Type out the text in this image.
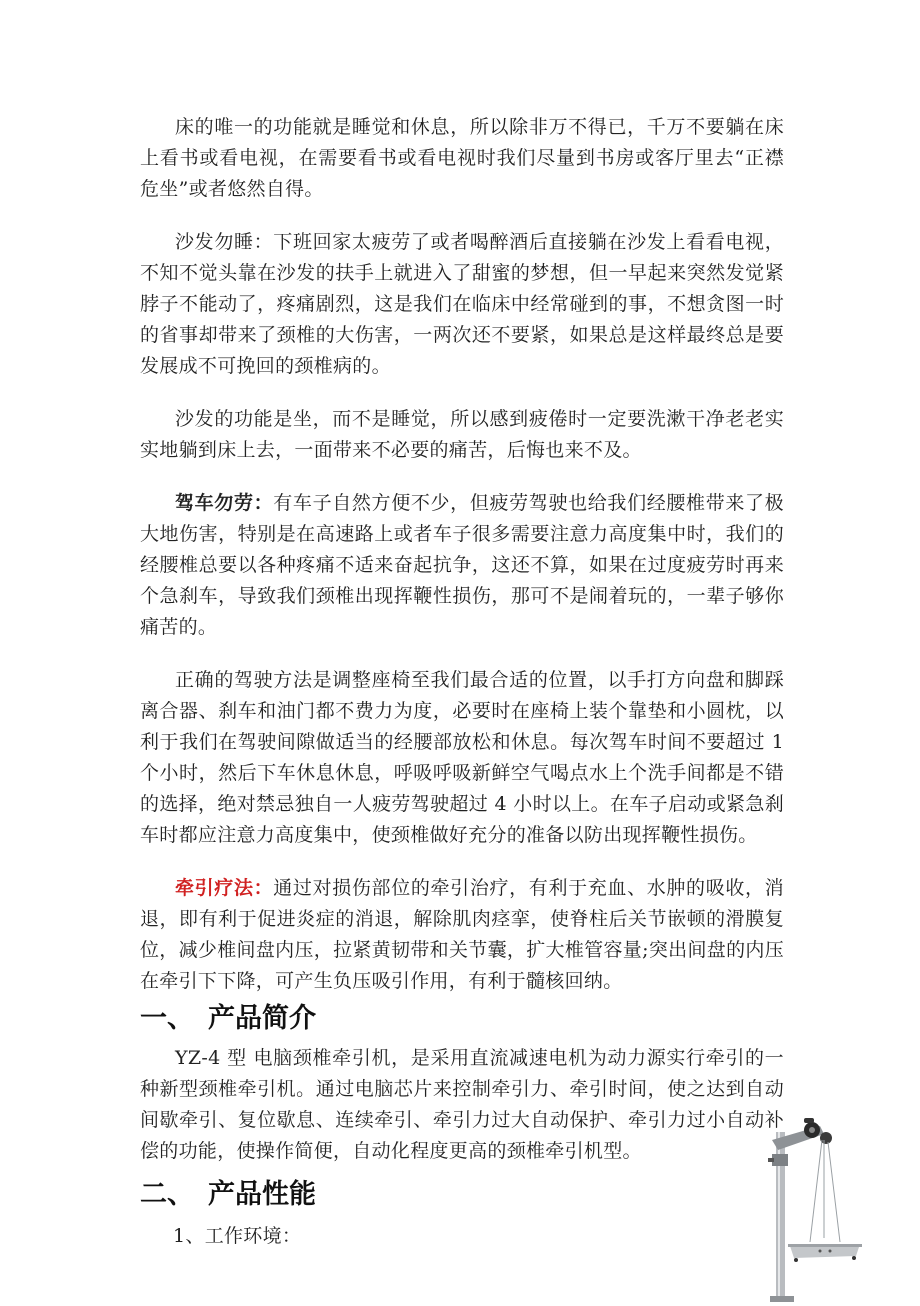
床的唯一的功能就是睡觉和休息，所以除非万不得已，千万不要躺在床上看书或看电视，在需要看书或看电视时我们尽量到书房或客厅里去“正襟危坐”或者悠然自得。

沙发勿睡：下班回家太疲劳了或者喝醉酒后直接躺在沙发上看看电视，不知不觉头靠在沙发的扶手上就进入了甜蜜的梦想，但一早起来突然发觉紧脖子不能动了，疼痛剧烈，这是我们在临床中经常碰到的事，不想贪图一时的省事却带来了颈椎的大伤害，一两次还不要紧，如果总是这样最终总是要发展成不可挽回的颈椎病的。

沙发的功能是坐，而不是睡觉，所以感到疲倦时一定要洗漱干净老老实实地躺到床上去，一面带来不必要的痛苦，后悔也来不及。

驾车勿劳：有车子自然方便不少，但疲劳驾驶也给我们经腰椎带来了极大地伤害，特别是在高速路上或者车子很多需要注意力高度集中时，我们的经腰椎总要以各种疼痛不适来奋起抗争，这还不算，如果在过度疲劳时再来个急刹车，导致我们颈椎出现挥鞭性损伤，那可不是闹着玩的，一辈子够你痛苦的。

正确的驾驶方法是调整座椅至我们最合适的位置，以手打方向盘和脚踩离合器、刹车和油门都不费力为度，必要时在座椅上装个靠垫和小圆枕，以利于我们在驾驶间隙做适当的经腰部放松和休息。每次驾车时间不要超过 1 个小时，然后下车休息休息，呼吸呼吸新鲜空气喝点水上个洗手间都是不错的选择，绝对禁忌独自一人疲劳驾驶超过 4 小时以上。在车子启动或紧急刹车时都应注意力高度集中，使颈椎做好充分的准备以防出现挥鞭性损伤。

牵引疗法：通过对损伤部位的牵引治疗，有利于充血、水肿的吸收，消退，即有利于促进炎症的消退，解除肌肉痉挛，使脊柱后关节嵌顿的滑膜复位，减少椎间盘内压，拉紧黄韧带和关节囊，扩大椎管容量;突出间盘的内压在牵引下下降，可产生负压吸引作用，有利于髓核回纳。

一、 产品简介

YZ-4 型 电脑颈椎牵引机，是采用直流减速电机为动力源实行牵引的一种新型颈椎牵引机。通过电脑芯片来控制牵引力、牵引时间，使之达到自动间歇牵引、复位歇息、连续牵引、牵引力过大自动保护、牵引力过小自动补偿的功能，使操作简便，自动化程度更高的颈椎牵引机型。

二、 产品性能

1、工作环境：
